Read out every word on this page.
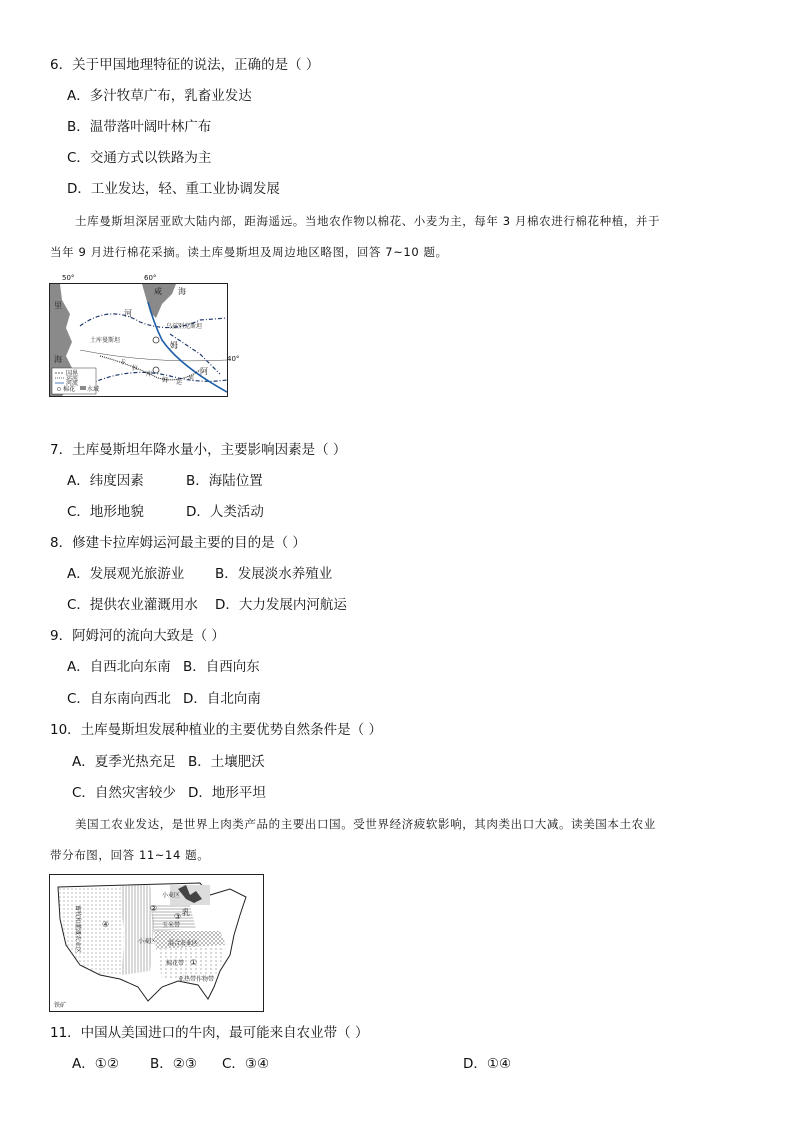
6．关于甲国地理特征的说法，正确的是（ ）
A．多汁牧草广布，乳畜业发达
B．温带落叶阔叶林广布
C．交通方式以铁路为主
D．工业发达，轻、重工业协调发展
土库曼斯坦深居亚欧大陆内部，距海遥远。当地农作物以棉花、小麦为主，每年 3 月棉农进行棉花种植，并于
当年 9 月进行棉花采摘。读土库曼斯坦及周边地区略图，回答 7~10 题。
国界
运河
河流
棉花 水域
里
海
咸 海
河
乌兹别克斯坦
土库曼斯坦
姆
阿
卡
拉
库
姆 运
河
50°	60°
40°
7．土库曼斯坦年降水量小，主要影响因素是（ ）
A．纬度因素	B．海陆位置
C．地形地貌	D．人类活动
8．修建卡拉库姆运河最主要的目的是（ ）
A．发展观光旅游业 B．发展淡水养殖业
C．提供农业灌溉用水 D．大力发展内河航运
9．阿姆河的流向大致是（ ）
A．自西北向东南 B．自西向东
C．自东南向西北 D．自北向南
10．土库曼斯坦发展种植业的主要优势自然条件是（ ）
A．夏季光热充足 B．土壤肥沃
C．自然灾害较少 D．地形平坦
美国工农业发达，是世界上肉类产品的主要出口国。受世界经济疲软影响，其肉类出口大减。读美国本土农业
带分布图，回答 11~14 题。
小麦区
乳
③
②
玉米带
小麦区 混合农业区
棉花带 ①
亚热带作物带
④
畜牧和灌溉农业区
铁矿
11．中国从美国进口的牛肉，最可能来自农业带（ ）
A．①② B．②③ C．③④	D．①④
